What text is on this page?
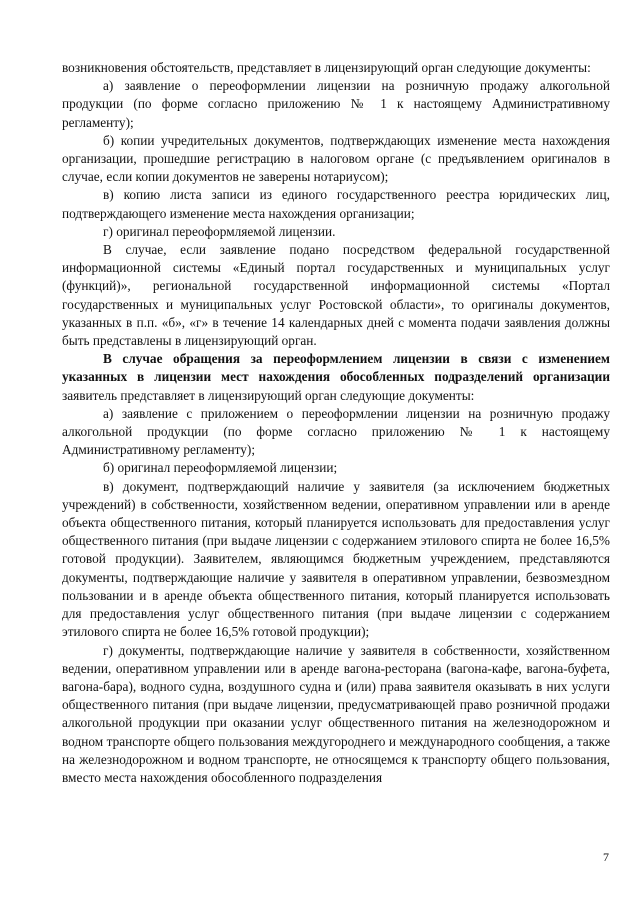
возникновения обстоятельств, представляет в лицензирующий орган следующие документы:

а) заявление о переоформлении лицензии на розничную продажу алкогольной продукции (по форме согласно приложению № 1 к настоящему Административному регламенту);

б) копии учредительных документов, подтверждающих изменение места нахождения организации, прошедшие регистрацию в налоговом органе (с предъявлением оригиналов в случае, если копии документов не заверены нотариусом);

в) копию листа записи из единого государственного реестра юридических лиц, подтверждающего изменение места нахождения организации;

г) оригинал переоформляемой лицензии.

В случае, если заявление подано посредством федеральной государственной информационной системы «Единый портал государственных и муниципальных услуг (функций)», региональной государственной информационной системы «Портал государственных и муниципальных услуг Ростовской области», то оригиналы документов, указанных в п.п. «б», «г» в течение 14 календарных дней с момента подачи заявления должны быть представлены в лицензирующий орган.

В случае обращения за переоформлением лицензии в связи с изменением указанных в лицензии мест нахождения обособленных подразделений организации заявитель представляет в лицензирующий орган следующие документы:

а) заявление с приложением о переоформлении лицензии на розничную продажу алкогольной продукции (по форме согласно приложению № 1 к настоящему Административному регламенту);

б) оригинал переоформляемой лицензии;

в) документ, подтверждающий наличие у заявителя (за исключением бюджетных учреждений) в собственности, хозяйственном ведении, оперативном управлении или в аренде объекта общественного питания, который планируется использовать для предоставления услуг общественного питания (при выдаче лицензии с содержанием этилового спирта не более 16,5% готовой продукции). Заявителем, являющимся бюджетным учреждением, представляются документы, подтверждающие наличие у заявителя в оперативном управлении, безвозмездном пользовании и в аренде объекта общественного питания, который планируется использовать для предоставления услуг общественного питания (при выдаче лицензии с содержанием этилового спирта не более 16,5% готовой продукции);

г) документы, подтверждающие наличие у заявителя в собственности, хозяйственном ведении, оперативном управлении или в аренде вагона-ресторана (вагона-кафе, вагона-буфета, вагона-бара), водного судна, воздушного судна и (или) права заявителя оказывать в них услуги общественного питания (при выдаче лицензии, предусматривающей право розничной продажи алкогольной продукции при оказании услуг общественного питания на железнодорожном и водном транспорте общего пользования междугороднего и международного сообщения, а также на железнодорожном и водном транспорте, не относящемся к транспорту общего пользования, вместо места нахождения обособленного подразделения

7
